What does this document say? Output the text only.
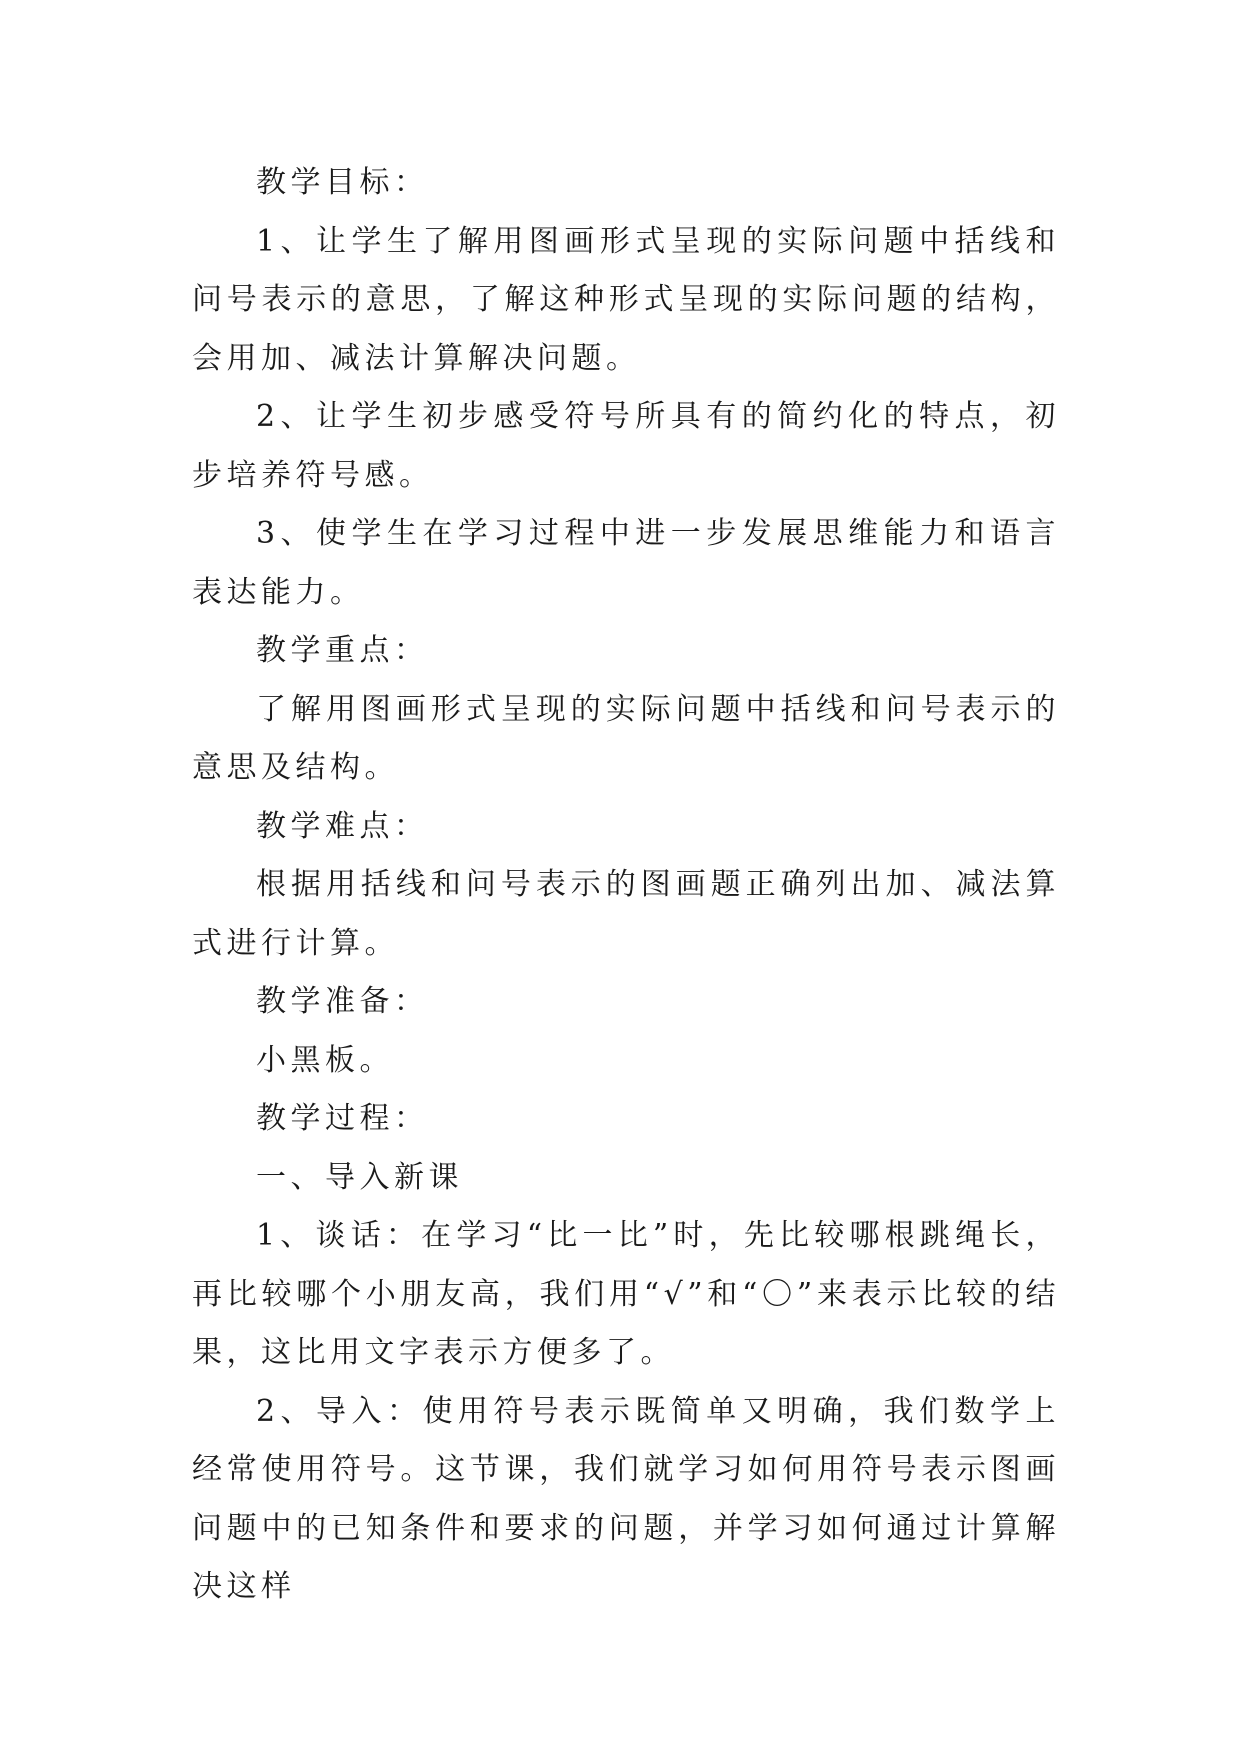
教学目标：

1、让学生了解用图画形式呈现的实际问题中括线和问号表示的意思，了解这种形式呈现的实际问题的结构，会用加、减法计算解决问题。

2、让学生初步感受符号所具有的简约化的特点，初步培养符号感。

3、使学生在学习过程中进一步发展思维能力和语言表达能力。

教学重点：

了解用图画形式呈现的实际问题中括线和问号表示的意思及结构。

教学难点：

根据用括线和问号表示的图画题正确列出加、减法算式进行计算。

教学准备：

小黑板。

教学过程：

一、导入新课

1、谈话：在学习“比一比”时，先比较哪根跳绳长，再比较哪个小朋友高，我们用“√”和“〇”来表示比较的结果，这比用文字表示方便多了。

2、导入：使用符号表示既简单又明确，我们数学上经常使用符号。这节课，我们就学习如何用符号表示图画问题中的已知条件和要求的问题，并学习如何通过计算解决这样
